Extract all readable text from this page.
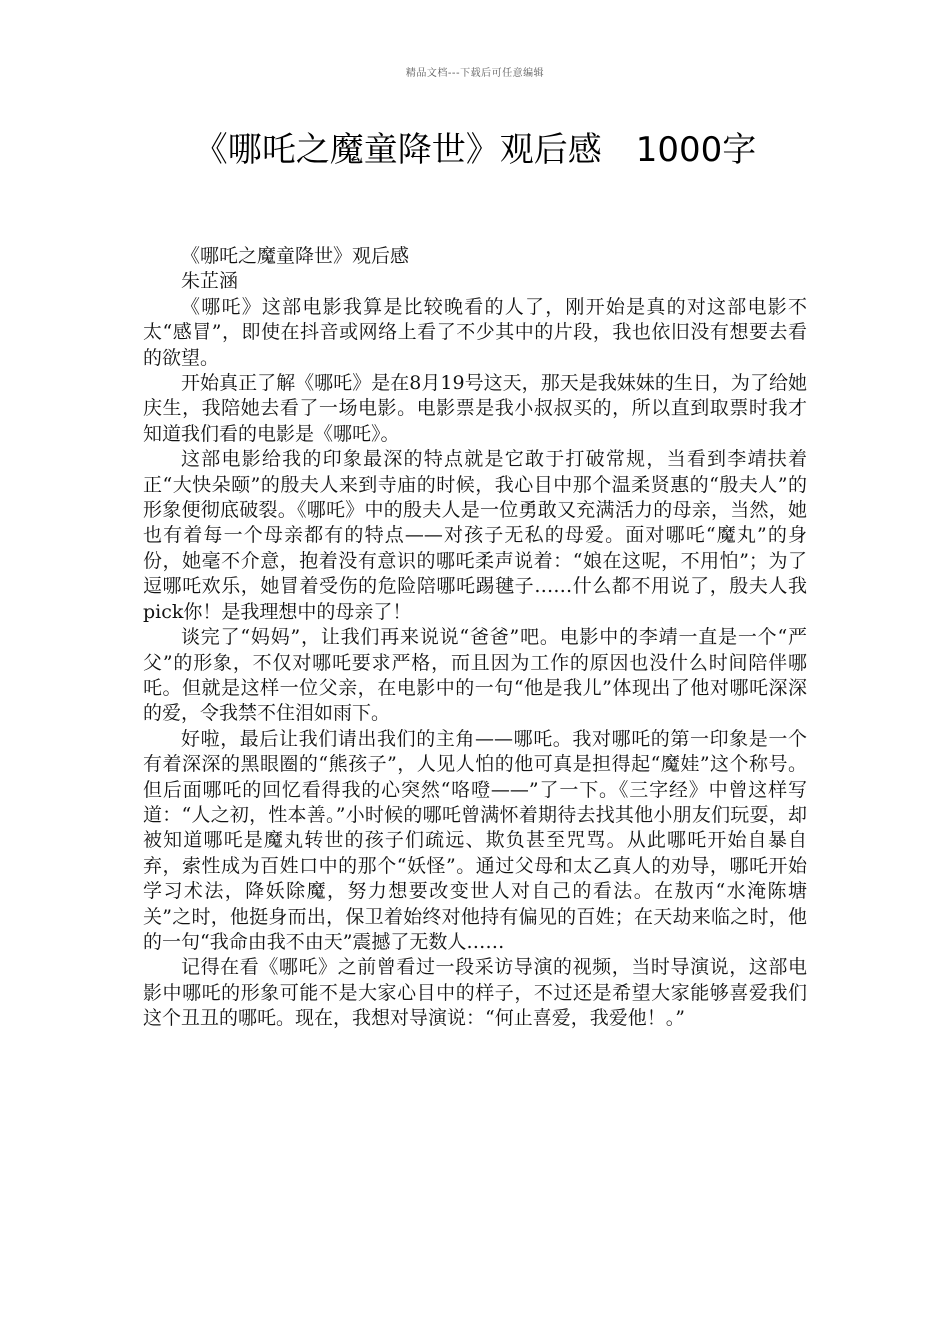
精品文档---下载后可任意编辑
《哪吒之魔童降世》观后感　1000字

《哪吒之魔童降世》观后感

朱芷涵

《哪吒》这部电影我算是比较晚看的人了，刚开始是真的对这部电影不太“感冒”，即使在抖音或网络上看了不少其中的片段，我也依旧没有想要去看的欲望。

开始真正了解《哪吒》是在8月19号这天，那天是我妹妹的生日，为了给她庆生，我陪她去看了一场电影。电影票是我小叔叔买的，所以直到取票时我才知道我们看的电影是《哪吒》。

这部电影给我的印象最深的特点就是它敢于打破常规，当看到李靖扶着正“大快朵颐”的殷夫人来到寺庙的时候，我心目中那个温柔贤惠的“殷夫人”的形象便彻底破裂。《哪吒》中的殷夫人是一位勇敢又充满活力的母亲，当然，她也有着每一个母亲都有的特点——对孩子无私的母爱。面对哪吒“魔丸”的身份，她毫不介意，抱着没有意识的哪吒柔声说着：“娘在这呢，不用怕”；为了逗哪吒欢乐，她冒着受伤的危险陪哪吒踢毽子……什么都不用说了，殷夫人我pick你！是我理想中的母亲了！

谈完了“妈妈”，让我们再来说说“爸爸”吧。电影中的李靖一直是一个“严父”的形象，不仅对哪吒要求严格，而且因为工作的原因也没什么时间陪伴哪吒。但就是这样一位父亲，在电影中的一句“他是我儿”体现出了他对哪吒深深的爱，令我禁不住泪如雨下。

好啦，最后让我们请出我们的主角——哪吒。我对哪吒的第一印象是一个有着深深的黑眼圈的“熊孩子”，人见人怕的他可真是担得起“魔娃”这个称号。但后面哪吒的回忆看得我的心突然“咯噔——”了一下。《三字经》中曾这样写道：“人之初，性本善。”小时候的哪吒曾满怀着期待去找其他小朋友们玩耍，却被知道哪吒是魔丸转世的孩子们疏远、欺负甚至咒骂。从此哪吒开始自暴自弃，索性成为百姓口中的那个“妖怪”。通过父母和太乙真人的劝导，哪吒开始学习术法，降妖除魔，努力想要改变世人对自己的看法。在敖丙“水淹陈塘关”之时，他挺身而出，保卫着始终对他持有偏见的百姓；在天劫来临之时，他的一句“我命由我不由天”震撼了无数人……

记得在看《哪吒》之前曾看过一段采访导演的视频，当时导演说，这部电影中哪吒的形象可能不是大家心目中的样子，不过还是希望大家能够喜爱我们这个丑丑的哪吒。现在，我想对导演说：“何止喜爱，我爱他！。”
